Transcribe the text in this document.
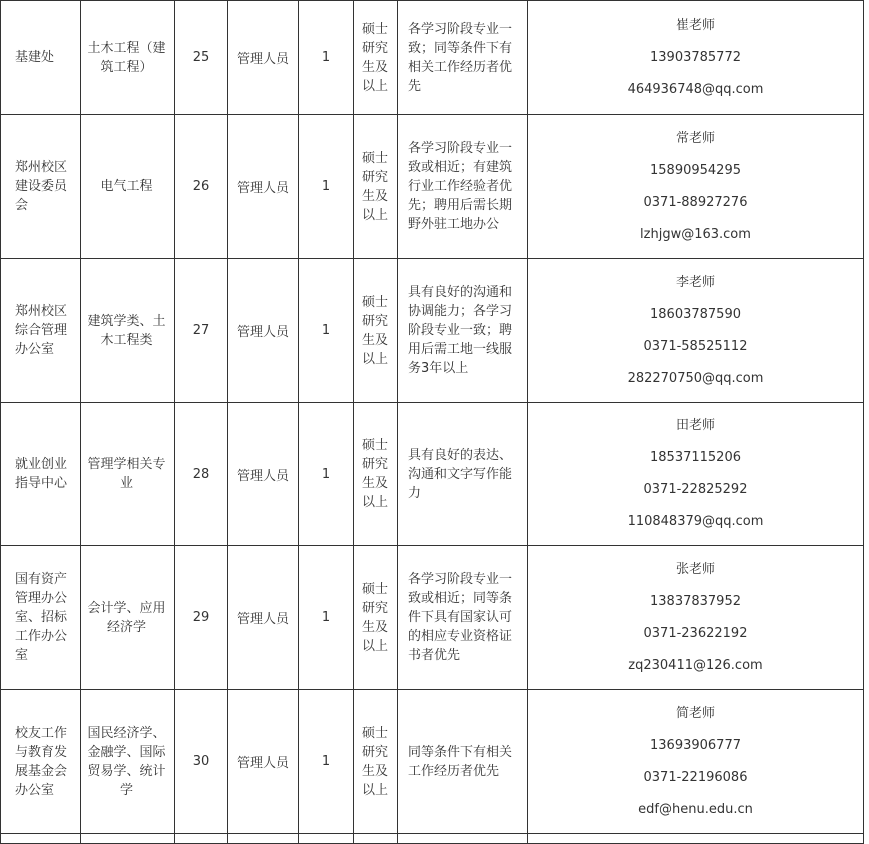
基建处	土木工程（建筑工程）	25	管理人员	1	硕士研究生及以上	各学习阶段专业一致；同等条件下有相关工作经历者优先	崔老师
13903785772
464936748@qq.com

郑州校区建设委员会	电气工程	26	管理人员	1	硕士研究生及以上	各学习阶段专业一致或相近；有建筑行业工作经验者优先；聘用后需长期野外驻工地办公	常老师
15890954295
0371-88927276
lzhjgw@163.com

郑州校区综合管理办公室	建筑学类、土木工程类	27	管理人员	1	硕士研究生及以上	具有良好的沟通和协调能力；各学习阶段专业一致；聘用后需工地一线服务3年以上	李老师
18603787590
0371-58525112
282270750@qq.com

就业创业指导中心	管理学相关专业	28	管理人员	1	硕士研究生及以上	具有良好的表达、沟通和文字写作能力	田老师
18537115206
0371-22825292
110848379@qq.com

国有资产管理办公室、招标工作办公室	会计学、应用经济学	29	管理人员	1	硕士研究生及以上	各学习阶段专业一致或相近；同等条件下具有国家认可的相应专业资格证书者优先	张老师
13837837952
0371-23622192
zq230411@126.com

校友工作与教育发展基金会办公室	国民经济学、金融学、国际贸易学、统计学	30	管理人员	1	硕士研究生及以上	同等条件下有相关工作经历者优先	简老师
13693906777
0371-22196086
edf@henu.edu.cn
